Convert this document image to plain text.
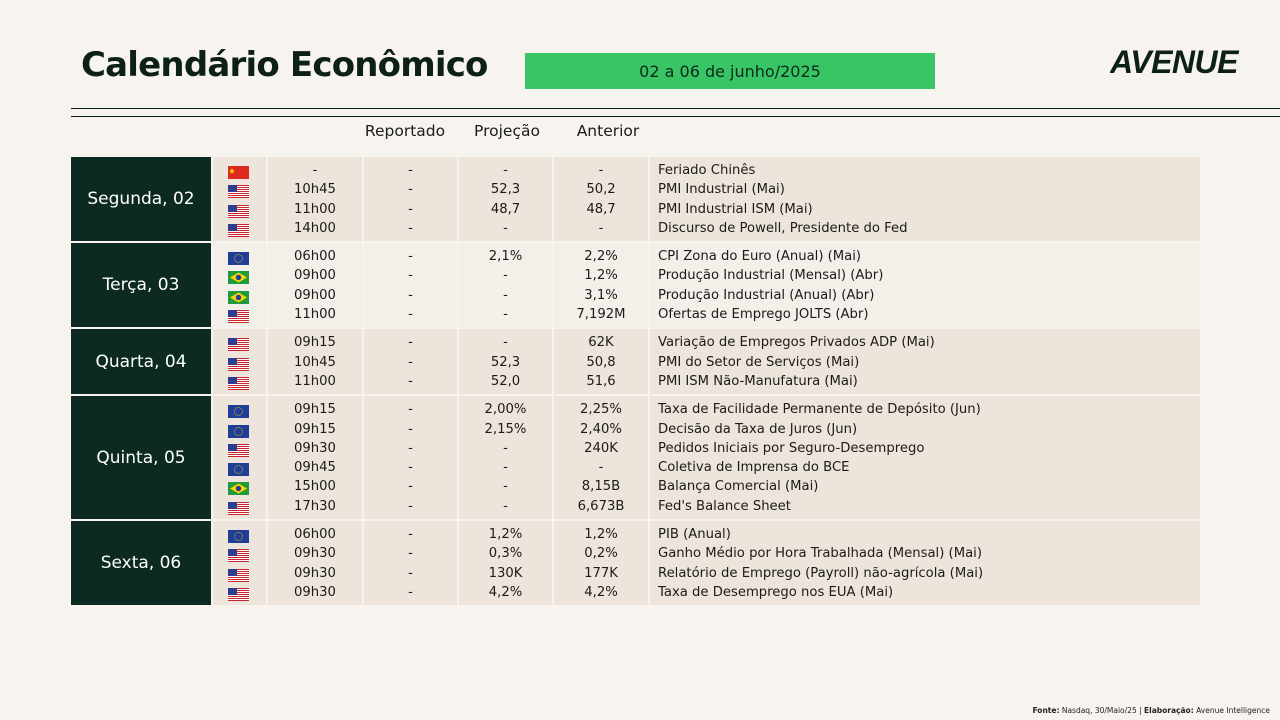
Calendário Econômico	02 a 06 de junho/2025	AVENUE
Reportado	Projeção	Anterior
Segunda, 02
-	-	-	-	Feriado Chinês
10h45	-	52,3	50,2	PMI Industrial (Mai)
11h00	-	48,7	48,7	PMI Industrial ISM (Mai)
14h00	-	-	-	Discurso de Powell, Presidente do Fed
Terça, 03
06h00	-	2,1%	2,2%	CPI Zona do Euro (Anual) (Mai)
09h00	-	-	1,2%	Produção Industrial (Mensal) (Abr)
09h00	-	-	3,1%	Produção Industrial (Anual) (Abr)
11h00	-	-	7,192M	Ofertas de Emprego JOLTS (Abr)
Quarta, 04
09h15	-	-	62K	Variação de Empregos Privados ADP (Mai)
10h45	-	52,3	50,8	PMI do Setor de Serviços (Mai)
11h00	-	52,0	51,6	PMI ISM Não-Manufatura (Mai)
Quinta, 05
09h15	-	2,00%	2,25%	Taxa de Facilidade Permanente de Depósito (Jun)
09h15	-	2,15%	2,40%	Decisão da Taxa de Juros (Jun)
09h30	-	-	240K	Pedidos Iniciais por Seguro-Desemprego
09h45	-	-	-	Coletiva de Imprensa do BCE
15h00	-	-	8,15B	Balança Comercial (Mai)
17h30	-	-	6,673B	Fed's Balance Sheet
Sexta, 06
06h00	-	1,2%	1,2%	PIB (Anual)
09h30	-	0,3%	0,2%	Ganho Médio por Hora Trabalhada (Mensal) (Mai)
09h30	-	130K	177K	Relatório de Emprego (Payroll) não-agrícola (Mai)
09h30	-	4,2%	4,2%	Taxa de Desemprego nos EUA (Mai)
Fonte: Nasdaq, 30/Maio/25 | Elaboração: Avenue Intelligence
